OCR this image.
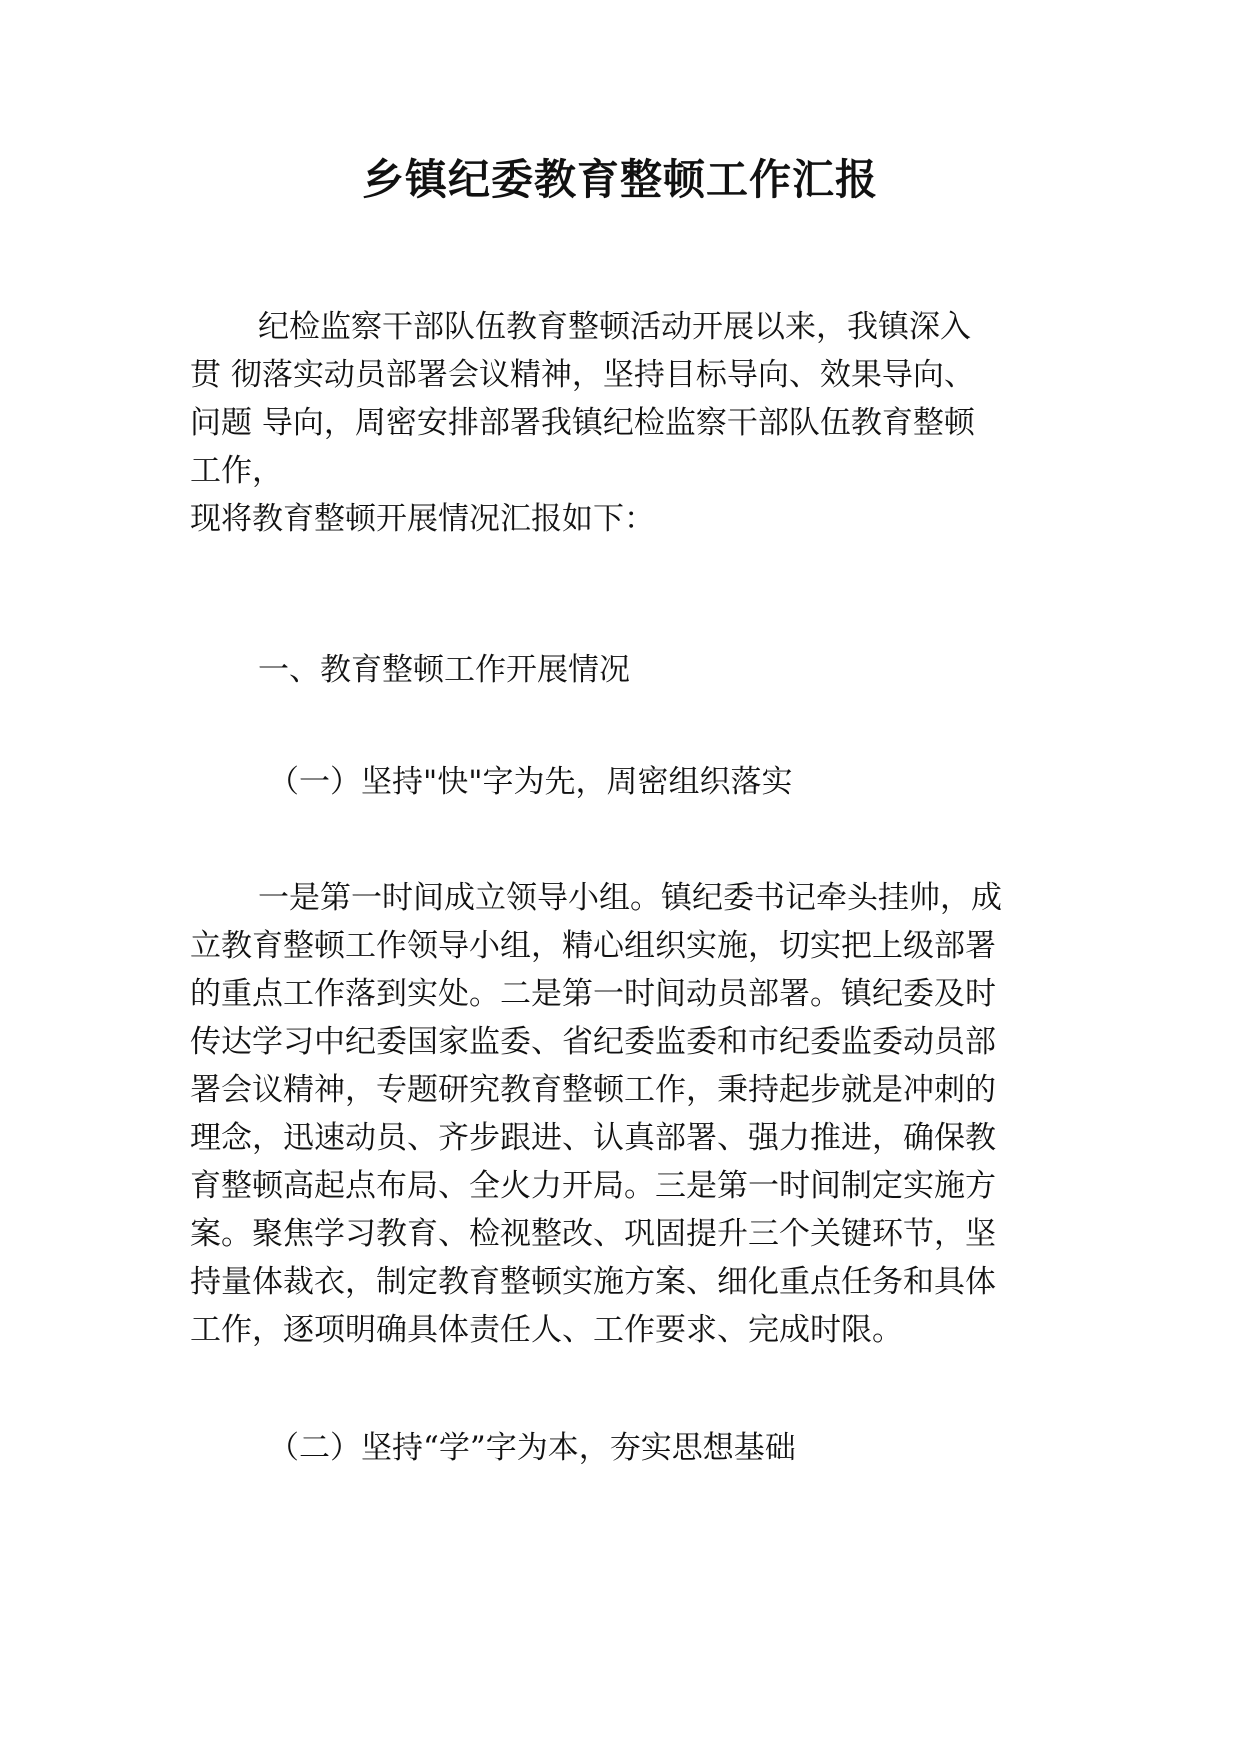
乡镇纪委教育整顿工作汇报

纪检监察干部队伍教育整顿活动开展以来，我镇深入

贯 彻落实动员部署会议精神，坚持目标导向、效果导向、

问题 导向，周密安排部署我镇纪检监察干部队伍教育整顿

工作，

现将教育整顿开展情况汇报如下：

一、教育整顿工作开展情况

（一）坚持"快"字为先，周密组织落实

一是第一时间成立领导小组。镇纪委书记牵头挂帅，成

立教育整顿工作领导小组，精心组织实施，切实把上级部署

的重点工作落到实处。二是第一时间动员部署。镇纪委及时

传达学习中纪委国家监委、省纪委监委和市纪委监委动员部

署会议精神，专题研究教育整顿工作，秉持起步就是冲刺的

理念，迅速动员、齐步跟进、认真部署、强力推进，确保教

育整顿高起点布局、全火力开局。三是第一时间制定实施方

案。聚焦学习教育、检视整改、巩固提升三个关键环节，坚

持量体裁衣，制定教育整顿实施方案、细化重点任务和具体

工作，逐项明确具体责任人、工作要求、完成时限。

（二）坚持“学”字为本，夯实思想基础
